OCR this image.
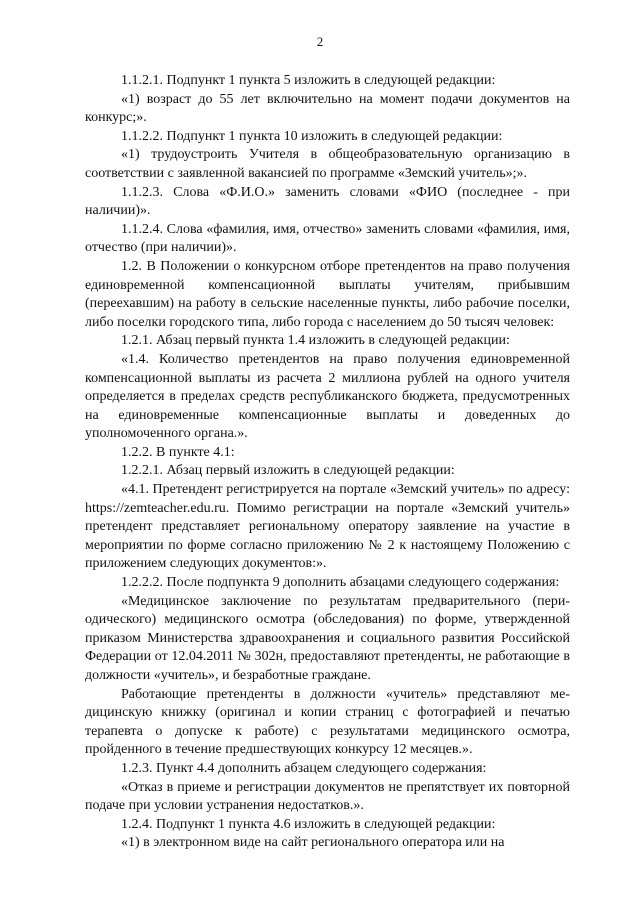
2

1.1.2.1. Подпункт 1 пункта 5 изложить в следующей редакции:

«1) возраст до 55 лет включительно на момент подачи документов на конкурс;».

1.1.2.2. Подпункт 1 пункта 10 изложить в следующей редакции:

«1) трудоустроить Учителя в общеобразовательную организацию в соответствии с заявленной вакансией по программе «Земский учитель»;».

1.1.2.3. Слова «Ф.И.О.» заменить словами «ФИО (последнее - при наличии)».

1.1.2.4. Слова «фамилия, имя, отчество» заменить словами «фамилия, имя, отчество (при наличии)».

1.2. В Положении о конкурсном отборе претендентов на право получения единовременной компенсационной выплаты учителям, прибывшим (переехавшим) на работу в сельские населенные пункты, либо рабочие поселки, либо поселки городского типа, либо города с населением до 50 тысяч человек:

1.2.1. Абзац первый пункта 1.4 изложить в следующей редакции:

«1.4. Количество претендентов на право получения единовременной компенсационной выплаты из расчета 2 миллиона рублей на одного учителя определяется в пределах средств республиканского бюджета, предусмотренных на единовременные компенсационные выплаты и доведенных до уполномоченного органа.».

1.2.2. В пункте 4.1:

1.2.2.1. Абзац первый изложить в следующей редакции:

«4.1. Претендент регистрируется на портале «Земский учитель» по адресу: https://zemteacher.edu.ru. Помимо регистрации на портале «Земский учитель» претендент представляет региональному оператору заявление на участие в мероприятии по форме согласно приложению № 2 к настоящему Положению с приложением следующих документов:».

1.2.2.2. После подпункта 9 дополнить абзацами следующего содержания:

«Медицинское заключение по результатам предварительного (периодического) медицинского осмотра (обследования) по форме, утвержденной приказом Министерства здравоохранения и социального развития Российской Федерации от 12.04.2011 № 302н, предоставляют претенденты, не работающие в должности «учитель», и безработные граждане.

Работающие претенденты в должности «учитель» представляют медицинскую книжку (оригинал и копии страниц с фотографией и печатью терапевта о допуске к работе) с результатами медицинского осмотра, пройденного в течение предшествующих конкурсу 12 месяцев.».

1.2.3. Пункт 4.4 дополнить абзацем следующего содержания:

«Отказ в приеме и регистрации документов не препятствует их повторной подаче при условии устранения недостатков.».

1.2.4. Подпункт 1 пункта 4.6 изложить в следующей редакции:

«1) в электронном виде на сайт регионального оператора или на
